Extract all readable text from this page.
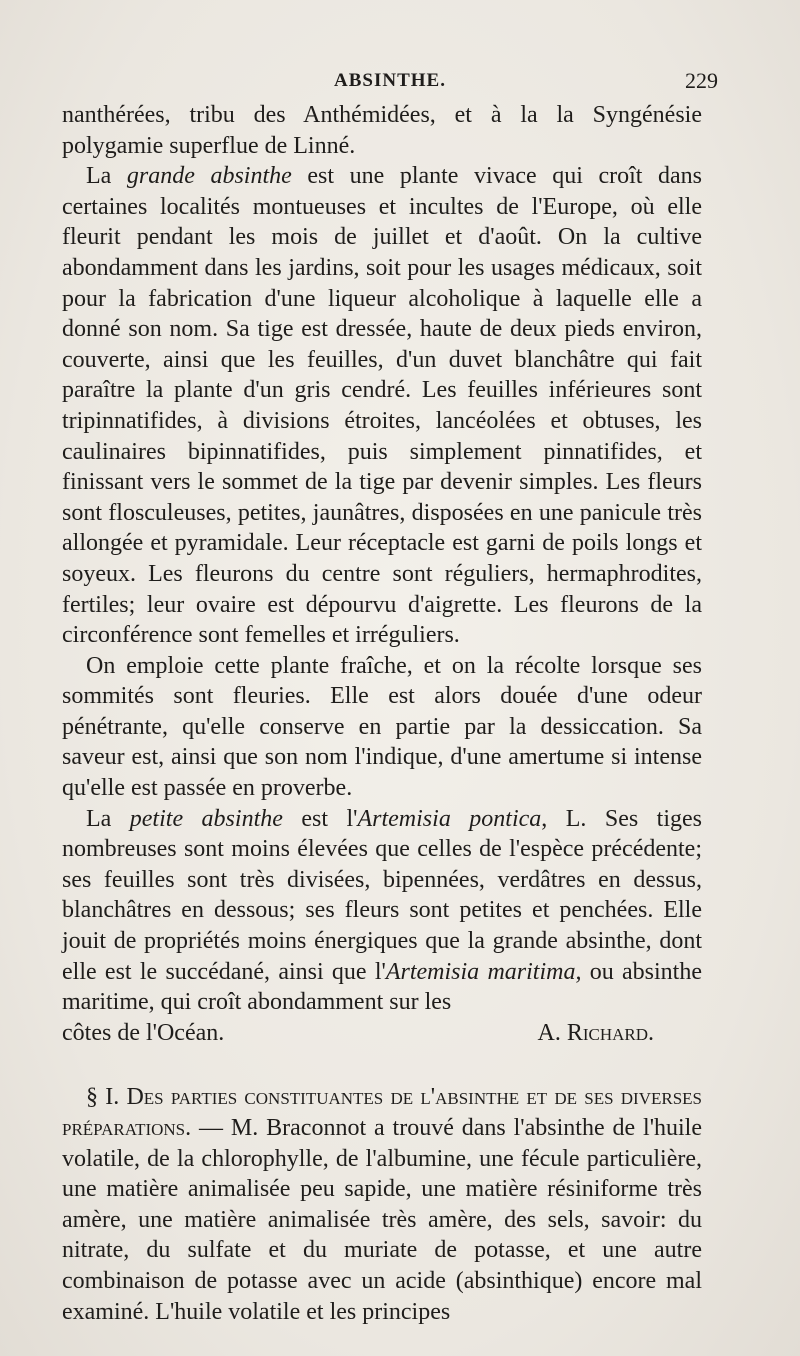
ABSINTHE.	229

nanthérées, tribu des Anthémidées, et à la la Syngénésie polygamie superflue de Linné.

La grande absinthe est une plante vivace qui croît dans certaines localités montueuses et incultes de l'Europe, où elle fleurit pendant les mois de juillet et d'août. On la cultive abondamment dans les jardins, soit pour les usages médicaux, soit pour la fabrication d'une liqueur alcoholique à laquelle elle a donné son nom. Sa tige est dressée, haute de deux pieds environ, couverte, ainsi que les feuilles, d'un duvet blanchâtre qui fait paraître la plante d'un gris cendré. Les feuilles inférieures sont tripinnatifides, à divisions étroites, lancéolées et obtuses, les caulinaires bipinnatifides, puis simplement pinnatifides, et finissant vers le sommet de la tige par devenir simples. Les fleurs sont flosculeuses, petites, jaunâtres, disposées en une panicule très allongée et pyramidale. Leur réceptacle est garni de poils longs et soyeux. Les fleurons du centre sont réguliers, hermaphrodites, fertiles; leur ovaire est dépourvu d'aigrette. Les fleurons de la circonférence sont femelles et irréguliers.

On emploie cette plante fraîche, et on la récolte lorsque ses sommités sont fleuries. Elle est alors douée d'une odeur pénétrante, qu'elle conserve en partie par la dessiccation. Sa saveur est, ainsi que son nom l'indique, d'une amertume si intense qu'elle est passée en proverbe.

La petite absinthe est l'Artemisia pontica, L. Ses tiges nombreuses sont moins élevées que celles de l'espèce précédente; ses feuilles sont très divisées, bipennées, verdâtres en dessus, blanchâtres en dessous; ses fleurs sont petites et penchées. Elle jouit de propriétés moins énergiques que la grande absinthe, dont elle est le succédané, ainsi que l'Artemisia maritima, ou absinthe maritime, qui croît abondamment sur les

côtes de l'Océan.	A. Richard.

§ I. Des parties constituantes de l'absinthe et de ses diverses préparations. — M. Braconnot a trouvé dans l'absinthe de l'huile volatile, de la chlorophylle, de l'albumine, une fécule particulière, une matière animalisée peu sapide, une matière résiniforme très amère, une matière animalisée très amère, des sels, savoir: du nitrate, du sulfate et du muriate de potasse, et une autre combinaison de potasse avec un acide (absinthique) encore mal examiné. L'huile volatile et les principes
